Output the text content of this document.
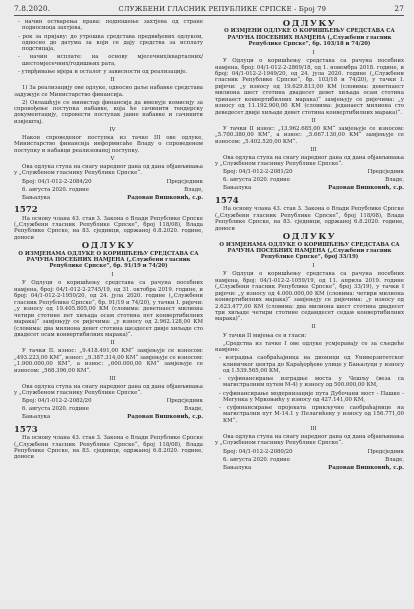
7.8.2020.	СЛУЖБЕНИ ГЛАСНИК РЕПУБЛИКЕ СРПСКЕ - Број 79	27

- начин остварења права: подношење захтјева од стране подносиоца захтјева,

- рок за пријаву: до утрошка средстава предвиђених одлуком, односно до датума за који се дају средства за исплату подстицаја,

- начин исплате: на основу мјесечних/кварталних/шестомјесечних/годишњих рата,

- утврђивање мјера и осталог у зависности од реализације.

II

1) За реализацију ове одлуке, односно даље набавке средстава задужује се Министарство финансија.

2) Овлашћује се министар финансија да именује комисију за спровођење поступка набавке, која ће сачинити тендерску документацију, спровести поступак јавне набавке и сачинити извјештај.

IV

Након спроведеног поступка из тачке III ове одлуке, Министарство финансија информисаће Владу о спроведеном поступку и набавци реализованој поступку.

V

Ова одлука ступа на снагу наредног дана од дана објављивања у „Службеном гласнику Републике Српске“.

Број: 04/1-012-2-2084/20	Предсједник

6. августа 2020. године	Владе,

Бањалука	Радован Вишковић, с.р.

1572

На основу члана 43. став 3. Закона о Влади Републике Српске („Службени гласник Републике Српске“, број 118/08), Влада Републике Српске, на 83. сједници, одржаној 6.8.2020. године, доноси

ОДЛУКУ
О ИЗМЈЕНАМА ОДЛУКЕ О КОРИШЋЕЊУ СРЕДСТАВА СА РАЧУНА ПОСЕБНИХ НАМЈЕНА („Службени гласник Републике Српске“, бр. 91/19 и 74/20)

I

У Одлуци о коришћењу средстава са рачуна посебних намјена, број: 04/1-012-2-2745/19, од 31. октобра 2019. године, и број: 04/1-012-2-1950/20, од 24. јула 2020. године („Службени гласник Републике Српске“, бр. 91/19 и 74/20), у тачки I. ријечи: „у износу од 19.405.805,00 КМ (словима: деветнаест милиона четири стотине пет хиљада осам стотина пет конвертибилних марака)“ замјењују се ријечима: „у износу од 2.962.128,00 КМ (словима: два милиона девет стотина шездесет двије хиљаде сто двадесет осам конвертибилних марака)“.

II

У тачки II. износ: „9.418.491,00 КМ“ замјењује се износом: „493.223,00 КМ“, износ: „9.387.314,00 КМ“ замјењује се износом: „1.900.000,00 КМ“, а износ: „600.000,00 КМ“ замјењује се износом: „568.396,00 КМ“.

III

Ова одлука ступа на снагу наредног дана од дана објављивања у „Службеном гласнику Републике Српске“.

Број: 04/1-012-2-2082/20	Предсједник

6. августа 2020. године	Владе,

Бањалука	Радован Вишковић, с.р.

1573

На основу члана 43. став 3. Закона о Влади Републике Српске („Службени гласник Републике Српске“, број 118/08), Влада Републике Српске, на 83. сједници, одржаној 6.8.2020. године, доноси

ОДЛУКУ
О ИЗМЈЕНИ ОДЛУКЕ О КОРИШЋЕЊУ СРЕДСТАВА СА РАЧУНА ПОСЕБНИХ НАМЈЕНА („Службени гласник Републике Српске“, бр. 103/18 и 74/20)

I

У Одлуци о коришћењу средстава са рачуна посебних намјена, број: 04/1-012-2-2869/18, од 1. новембра 2018. године, и број: 04/1-012-2-1949/20, од 24. јула 2020. године („Службени гласник Републике Српске“, бр. 103/18 и 74/20), у тачки I. ријечи: „у износу од 19.629.813,00 КМ (словима: деветнаест милиона шест стотина двадесет девет хиљада осам стотина тринаест конвертибилних марака)“ замјењују се ријечима: „у износу од 11.192.900,00 КМ (словима: једанаест милиона сто деведесет двије хиљаде девет стотина конвертибилних марака)“.

II

У тачки II износ: „13.962.685,00 КМ“ замјењује се износом: „5.700.380,00 КМ“, а износ: „5.667.130,00 КМ“ замјењује се износом: „5.402.520,00 КМ“.

III

Ова одлука ступа на снагу наредног дана од дана објављивања у „Службеном гласнику Републике Српске“.

Број: 04/1-012-2-2081/20	Предсједник

6. августа 2020. године	Владе,

Бањалука	Радован Вишковић, с.р.

1574

На основу члана 43. став 3. Закона о Влади Републике Српске („Службени гласник Републике Српске“, број 118/08), Влада Републике Српске, на 83. сједници, одржаној 6.8.2020. године, доноси

ОДЛУКУ
О ИЗМЈЕНАМА ОДЛУКЕ О КОРИШЋЕЊУ СРЕДСТАВА СА РАЧУНА ПОСЕБНИХ НАМЈЕНА („Службени гласник Републике Српске“, број 33/19)

I

У Одлуци о коришћењу средстава са рачуна посебних намјена, број: 04/1-012-2-1059/19, од 11. априла 2019. године („Службени гласник Републике Српске“, број 33/19), у тачки I ријечи: „у износу од 4.000.000,00 КМ (словима: четири милиона конвертибилних марака)“ замјењују се ријечима: „у износу од 2.623.477,00 КМ (словима: два милиона шест стотина двадесет три хиљаде четири стотине седамдесет седам конвертибилних марака)“.

II

У тачки II мијења се и гласи:

„Средства из тачке I ове одлуке усмјеравају се за сљедеће намјене:

- изградња саобраћајница на дионици од Универзитетског клиничког центра до Карађорђеве улице у Бањалуци у износу од 1.539.565,00 КМ,

- суфинансирање изградње моста у Чешљу (веза са магистралним путем М-4) у износу од 500.000,00 КМ,

- суфинансирање модернизације пута Дубочани мост - Пашке - Мегунка у Мркоњићу у износу од 427.141,00 КМ,

- суфинансирање пројеката прикључне саобраћајнице на магистрални пут М-14.1 у Пелагићеву у износу од 156.771,00 КМ“.

III

Ова одлука ступа на снагу наредног дана од дана објављивања у „Службеном гласнику Републике Српске“.

Број: 04/1-012-2-2080/20	Предсједник

6. августа 2020. године	Владе,

Бањалука	Радован Вишковић, с.р.
